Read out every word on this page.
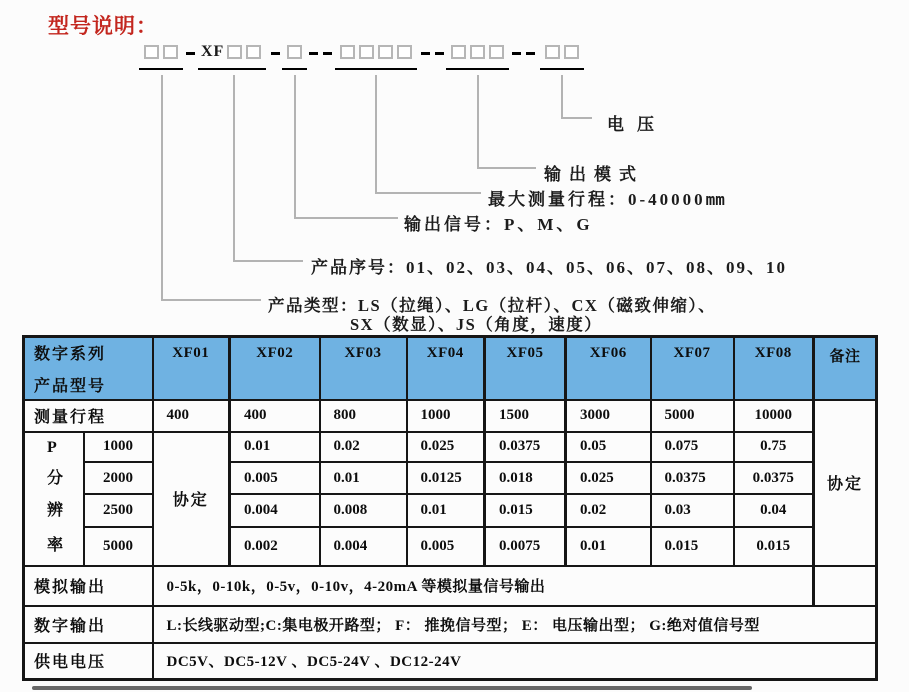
型号说明：
XF
电压
输出模式
最大测量行程：0-40000mm
输出信号：P、M、G
产品序号：01、02、03、04、05、06、07、08、09、10
产品类型：LS（拉绳）、LG（拉杆）、CX（磁致伸缩）、
SX（数显）、JS（角度，速度）
数字系列
产品型号		XF01	XF02	XF03	XF04	XF05	XF06	XF07	XF08	备注
测量行程		400	400	800	1000	1500	3000	5000	10000	协定

P
分
辨
率	1000	协定	0.01	0.02	0.025	0.0375	0.05	0.075	0.75	
	2000		0.005	0.01	0.0125	0.018	0.025	0.0375	0.0375	
	2500		0.004	0.008	0.01	0.015	0.02	0.03	0.04	
	5000		0.002	0.004	0.005	0.0075	0.01	0.015	0.015	
模拟输出		0-5k，0-10k，0-5v，0-10v，4-20mA 等模拟量信号输出								
数字输出		L:长线驱动型;C:集电极开路型； F： 推挽信号型； E： 电压输出型； G:绝对值信号型								
供电电压		DC5V、DC5-12V 、DC5-24V 、DC12-24V								
